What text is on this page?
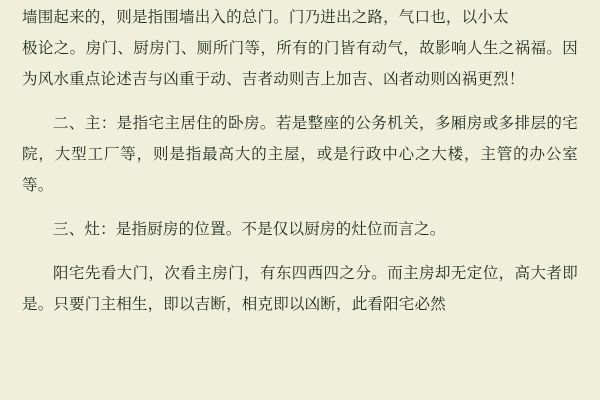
墙围起来的，则是指围墙出入的总门。门乃进出之路，气口也，以小太

极论之。房门、厨房门、厕所门等，所有的门皆有动气，故影响人生之祸福。因为风水重点论述吉与凶重于动、吉者动则吉上加吉、凶者动则凶祸更烈！

二、主：是指宅主居住的卧房。若是整座的公务机关，多厢房或多排层的宅院，大型工厂等，则是指最高大的主屋，或是行政中心之大楼，主管的办公室等。

三、灶：是指厨房的位置。不是仅以厨房的灶位而言之。

阳宅先看大门，次看主房门，有东四西四之分。而主房却无定位，高大者即是。只要门主相生，即以吉断，相克即以凶断，此看阳宅必然
